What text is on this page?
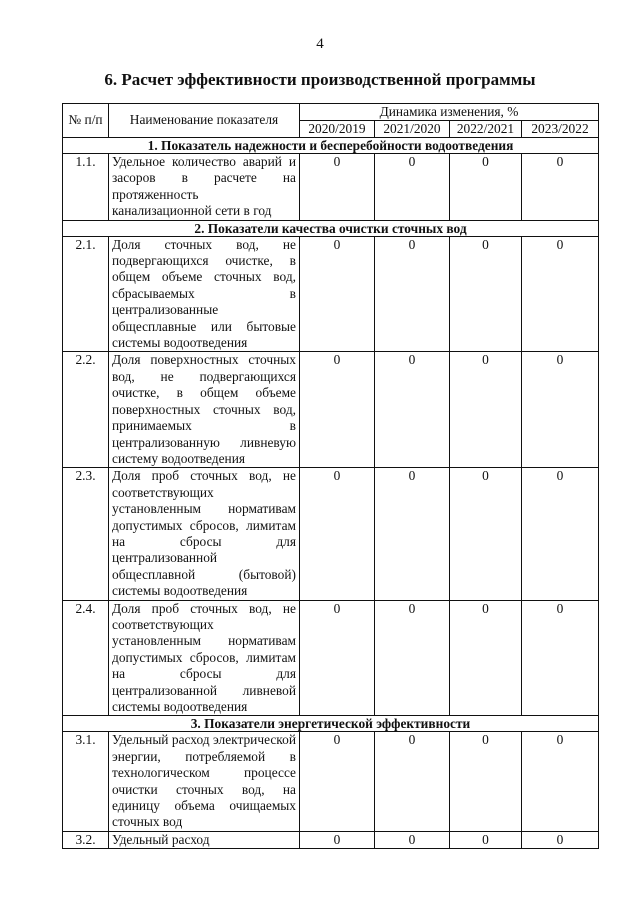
4
6. Расчет эффективности производственной программы
№ п/п	Наименование показателя	Динамика изменения, %			
		2020/2019	2021/2020	2022/2021	2023/2022
1. Показатель надежности и бесперебойности водоотведения					
1.1.	Удельное количество аварий и засоров в расчете на протяженность канализационной сети в год	0	0	0	0
2. Показатели качества очистки сточных вод					
2.1.	Доля сточных вод, не подвергающихся очистке, в общем объеме сточных вод, сбрасываемых в централизованные общесплавные или бытовые системы водоотведения	0	0	0	0
2.2.	Доля поверхностных сточных вод, не подвергающихся очистке, в общем объеме поверхностных сточных вод, принимаемых в централизованную ливневую систему водоотведения	0	0	0	0
2.3.	Доля проб сточных вод, не соответствующих установленным нормативам допустимых сбросов, лимитам на сбросы для централизованной общесплавной (бытовой) системы водоотведения	0	0	0	0
2.4.	Доля проб сточных вод, не соответствующих установленным нормативам допустимых сбросов, лимитам на сбросы для централизованной ливневой системы водоотведения	0	0	0	0
3. Показатели энергетической эффективности					
3.1.	Удельный расход электрической энергии, потребляемой в технологическом процессе очистки сточных вод, на единицу объема очищаемых сточных вод	0	0	0	0
3.2.	Удельный расход	0	0	0	0
